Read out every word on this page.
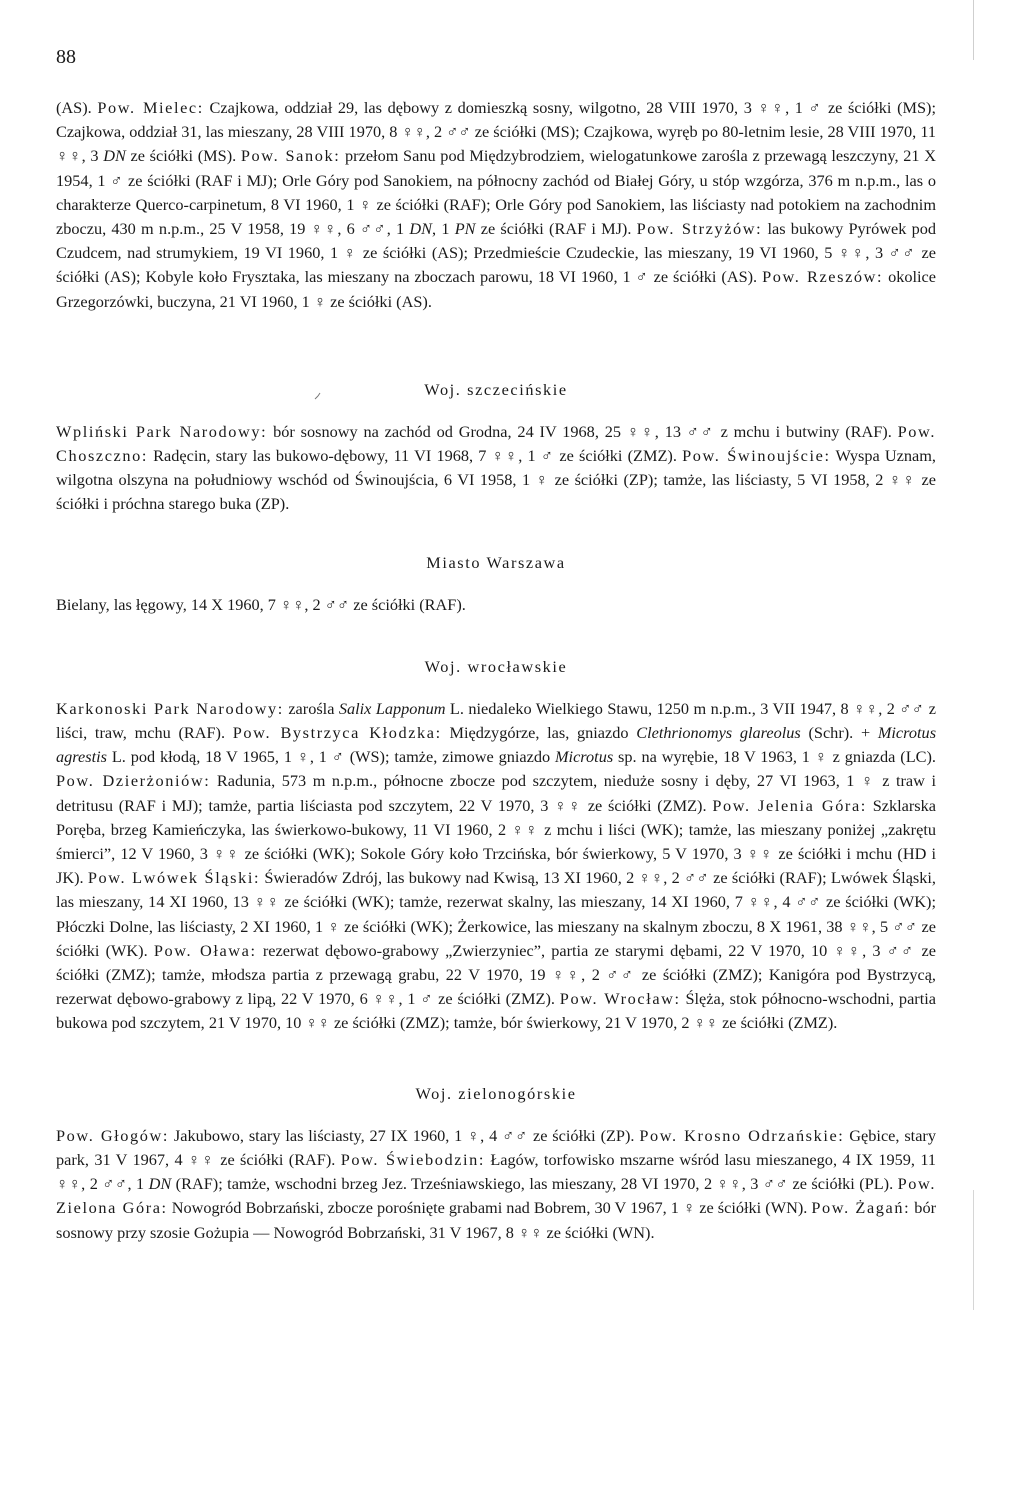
88

(AS). Pow. Mielec: Czajkowa, oddział 29, las dębowy z domieszką sosny, wilgotno, 28 VIII 1970, 3 ♀♀, 1 ♂ ze ściółki (MS); Czajkowa, oddział 31, las mieszany, 28 VIII 1970, 8 ♀♀, 2 ♂♂ ze ściółki (MS); Czajkowa, wyręb po 80-letnim lesie, 28 VIII 1970, 11 ♀♀, 3 DN ze ściółki (MS). Pow. Sanok: przełom Sanu pod Międzybrodziem, wielogatunkowe zarośla z przewagą leszczyny, 21 X 1954, 1 ♂ ze ściółki (RAF i MJ); Orle Góry pod Sanokiem, na północny zachód od Białej Góry, u stóp wzgórza, 376 m n.p.m., las o charakterze Querco-carpinetum, 8 VI 1960, 1 ♀ ze ściółki (RAF); Orle Góry pod Sanokiem, las liściasty nad potokiem na zachodnim zboczu, 430 m n.p.m., 25 V 1958, 19 ♀♀, 6 ♂♂, 1 DN, 1 PN ze ściółki (RAF i MJ). Pow. Strzyżów: las bukowy Pyrówek pod Czudcem, nad strumykiem, 19 VI 1960, 1 ♀ ze ściółki (AS); Przedmieście Czudeckie, las mieszany, 19 VI 1960, 5 ♀♀, 3 ♂♂ ze ściółki (AS); Kobyle koło Frysztaka, las mieszany na zboczach parowu, 18 VI 1960, 1 ♂ ze ściółki (AS). Pow. Rzeszów: okolice Grzegorzówki, buczyna, 21 VI 1960, 1 ♀ ze ściółki (AS).

Woj. szczecińskie

Wpliński Park Narodowy: bór sosnowy na zachód od Grodna, 24 IV 1968, 25 ♀♀, 13 ♂♂ z mchu i butwiny (RAF). Pow. Choszczno: Radęcin, stary las bukowo-dębowy, 11 VI 1968, 7 ♀♀, 1 ♂ ze ściółki (ZMZ). Pow. Świnoujście: Wyspa Uznam, wilgotna olszyna na południowy wschód od Świnoujścia, 6 VI 1958, 1 ♀ ze ściółki (ZP); tamże, las liściasty, 5 VI 1958, 2 ♀♀ ze ściółki i próchna starego buka (ZP).

Miasto Warszawa

Bielany, las łęgowy, 14 X 1960, 7 ♀♀, 2 ♂♂ ze ściółki (RAF).

Woj. wrocławskie

Karkonoski Park Narodowy: zarośla Salix Lapponum L. niedaleko Wielkiego Stawu, 1250 m n.p.m., 3 VII 1947, 8 ♀♀, 2 ♂♂ z liści, traw, mchu (RAF). Pow. Bystrzyca Kłodzka: Międzygórze, las, gniazdo Clethrionomys glareolus (Schr). + Microtus agrestis L. pod kłodą, 18 V 1965, 1 ♀, 1 ♂ (WS); tamże, zimowe gniazdo Microtus sp. na wyrębie, 18 V 1963, 1 ♀ z gniazda (LC). Pow. Dzierżoniów: Radunia, 573 m n.p.m., północne zbocze pod szczytem, nieduże sosny i dęby, 27 VI 1963, 1 ♀ z traw i detritusu (RAF i MJ); tamże, partia liściasta pod szczytem, 22 V 1970, 3 ♀♀ ze ściółki (ZMZ). Pow. Jelenia Góra: Szklarska Poręba, brzeg Kamieńczyka, las świerkowo-bukowy, 11 VI 1960, 2 ♀♀ z mchu i liści (WK); tamże, las mieszany poniżej „zakrętu śmierci”, 12 V 1960, 3 ♀♀ ze ściółki (WK); Sokole Góry koło Trzcińska, bór świerkowy, 5 V 1970, 3 ♀♀ ze ściółki i mchu (HD i JK). Pow. Lwówek Śląski: Świeradów Zdrój, las bukowy nad Kwisą, 13 XI 1960, 2 ♀♀, 2 ♂♂ ze ściółki (RAF); Lwówek Śląski, las mieszany, 14 XI 1960, 13 ♀♀ ze ściółki (WK); tamże, rezerwat skalny, las mieszany, 14 XI 1960, 7 ♀♀, 4 ♂♂ ze ściółki (WK); Płóczki Dolne, las liściasty, 2 XI 1960, 1 ♀ ze ściółki (WK); Żerkowice, las mieszany na skalnym zboczu, 8 X 1961, 38 ♀♀, 5 ♂♂ ze ściółki (WK). Pow. Oława: rezerwat dębowo-grabowy „Zwierzyniec”, partia ze starymi dębami, 22 V 1970, 10 ♀♀, 3 ♂♂ ze ściółki (ZMZ); tamże, młodsza partia z przewagą grabu, 22 V 1970, 19 ♀♀, 2 ♂♂ ze ściółki (ZMZ); Kanigóra pod Bystrzycą, rezerwat dębowo-grabowy z lipą, 22 V 1970, 6 ♀♀, 1 ♂ ze ściółki (ZMZ). Pow. Wrocław: Ślęża, stok północno-wschodni, partia bukowa pod szczytem, 21 V 1970, 10 ♀♀ ze ściółki (ZMZ); tamże, bór świerkowy, 21 V 1970, 2 ♀♀ ze ściółki (ZMZ).

Woj. zielonogórskie

Pow. Głogów: Jakubowo, stary las liściasty, 27 IX 1960, 1 ♀, 4 ♂♂ ze ściółki (ZP). Pow. Krosno Odrzańskie: Gębice, stary park, 31 V 1967, 4 ♀♀ ze ściółki (RAF). Pow. Świebodzin: Łagów, torfowisko mszarne wśród lasu mieszanego, 4 IX 1959, 11 ♀♀, 2 ♂♂, 1 DN (RAF); tamże, wschodni brzeg Jez. Trześniawskiego, las mieszany, 28 VI 1970, 2 ♀♀, 3 ♂♂ ze ściółki (PL). Pow. Zielona Góra: Nowogród Bobrzański, zbocze porośnięte grabami nad Bobrem, 30 V 1967, 1 ♀ ze ściółki (WN). Pow. Żagań: bór sosnowy przy szosie Gożupia — Nowogród Bobrzański, 31 V 1967, 8 ♀♀ ze ściółki (WN).
